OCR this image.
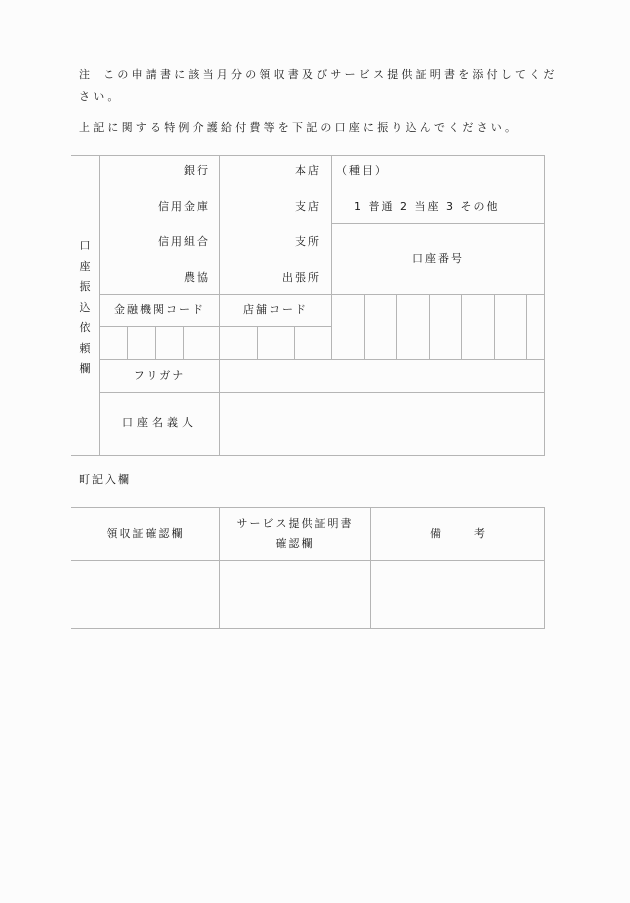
注 この申請書に該当月分の領収書及びサービス提供証明書を添付してください。
上記に関する特例介護給付費等を下記の口座に振り込んでください。
口
座
振
込
依
頼
欄
銀行
信用金庫
信用組合
農協
本店
支店
支所
出張所
（種目）
1 普通 2 当座 3 その他
口座番号
金融機関コード	店舗コード
フリガナ
口座名義人
町記入欄
領収証確認欄
サービス提供証明書
確認欄
備　　　考
